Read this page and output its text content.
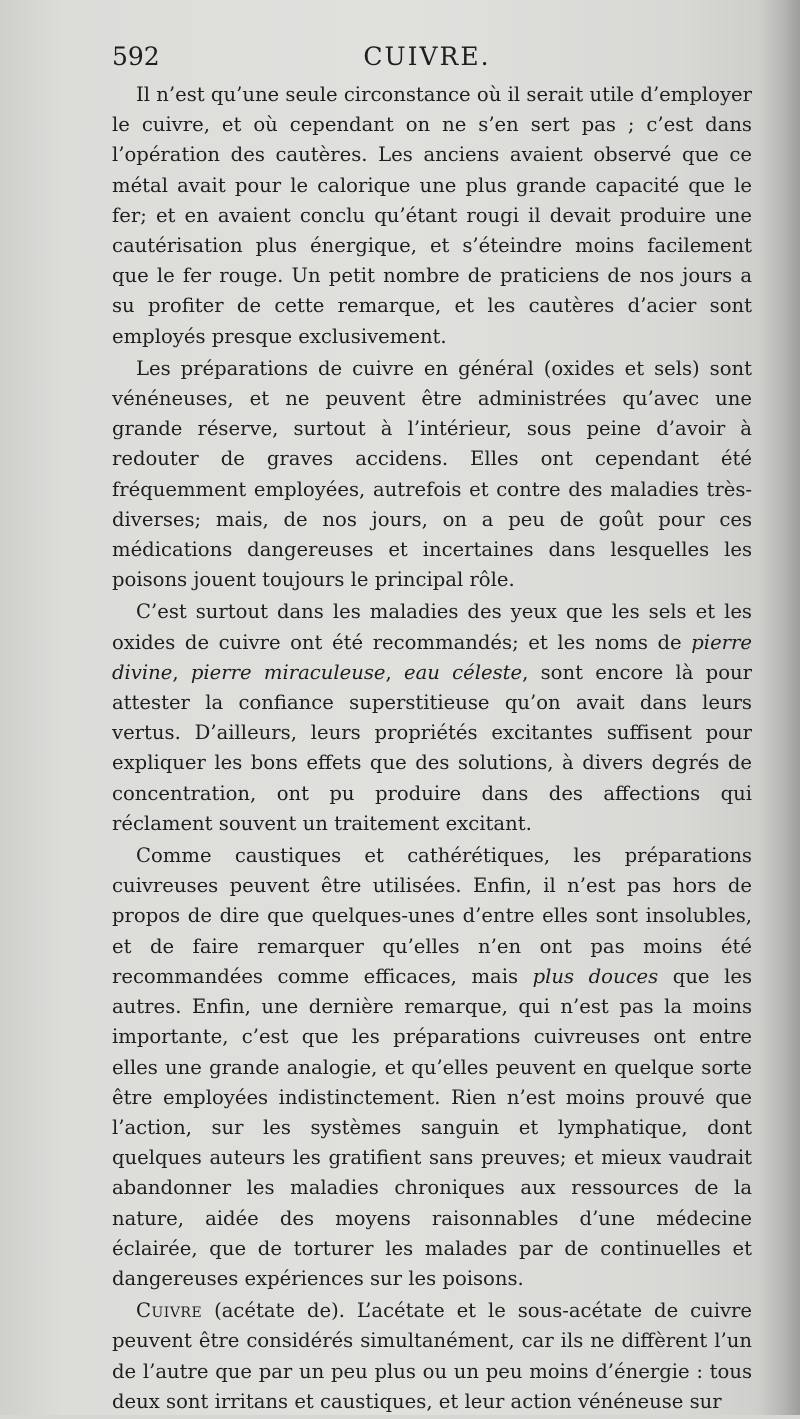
592	CUIVRE.

Il n’est qu’une seule circonstance où il serait utile d’employer le cuivre, et où cependant on ne s’en sert pas ; c’est dans l’opération des cautères. Les anciens avaient observé que ce métal avait pour le calorique une plus grande capacité que le fer; et en avaient conclu qu’étant rougi il devait produire une cautérisation plus énergique, et s’éteindre moins facilement que le fer rouge. Un petit nombre de praticiens de nos jours a su profiter de cette remarque, et les cautères d’acier sont employés presque exclusivement.

Les préparations de cuivre en général (oxides et sels) sont vénéneuses, et ne peuvent être administrées qu’avec une grande réserve, surtout à l’intérieur, sous peine d’avoir à redouter de graves accidens. Elles ont cependant été fréquemment employées, autrefois et contre des maladies très-diverses; mais, de nos jours, on a peu de goût pour ces médications dangereuses et incertaines dans lesquelles les poisons jouent toujours le principal rôle.

C’est surtout dans les maladies des yeux que les sels et les oxides de cuivre ont été recommandés; et les noms de pierre divine, pierre miraculeuse, eau céleste, sont encore là pour attester la confiance superstitieuse qu’on avait dans leurs vertus. D’ailleurs, leurs propriétés excitantes suffisent pour expliquer les bons effets que des solutions, à divers degrés de concentration, ont pu produire dans des affections qui réclament souvent un traitement excitant.

Comme caustiques et cathérétiques, les préparations cuivreuses peuvent être utilisées. Enfin, il n’est pas hors de propos de dire que quelques-unes d’entre elles sont insolubles, et de faire remarquer qu’elles n’en ont pas moins été recommandées comme efficaces, mais plus douces que les autres. Enfin, une dernière remarque, qui n’est pas la moins importante, c’est que les préparations cuivreuses ont entre elles une grande analogie, et qu’elles peuvent en quelque sorte être employées indistinctement. Rien n’est moins prouvé que l’action, sur les systèmes sanguin et lymphatique, dont quelques auteurs les gratifient sans preuves; et mieux vaudrait abandonner les maladies chroniques aux ressources de la nature, aidée des moyens raisonnables d’une médecine éclairée, que de torturer les malades par de continuelles et dangereuses expériences sur les poisons.

Cuivre (acétate de). L’acétate et le sous-acétate de cuivre peuvent être considérés simultanément, car ils ne diffèrent l’un de l’autre que par un peu plus ou un peu moins d’énergie : tous deux sont irritans et caustiques, et leur action vénéneuse sur
